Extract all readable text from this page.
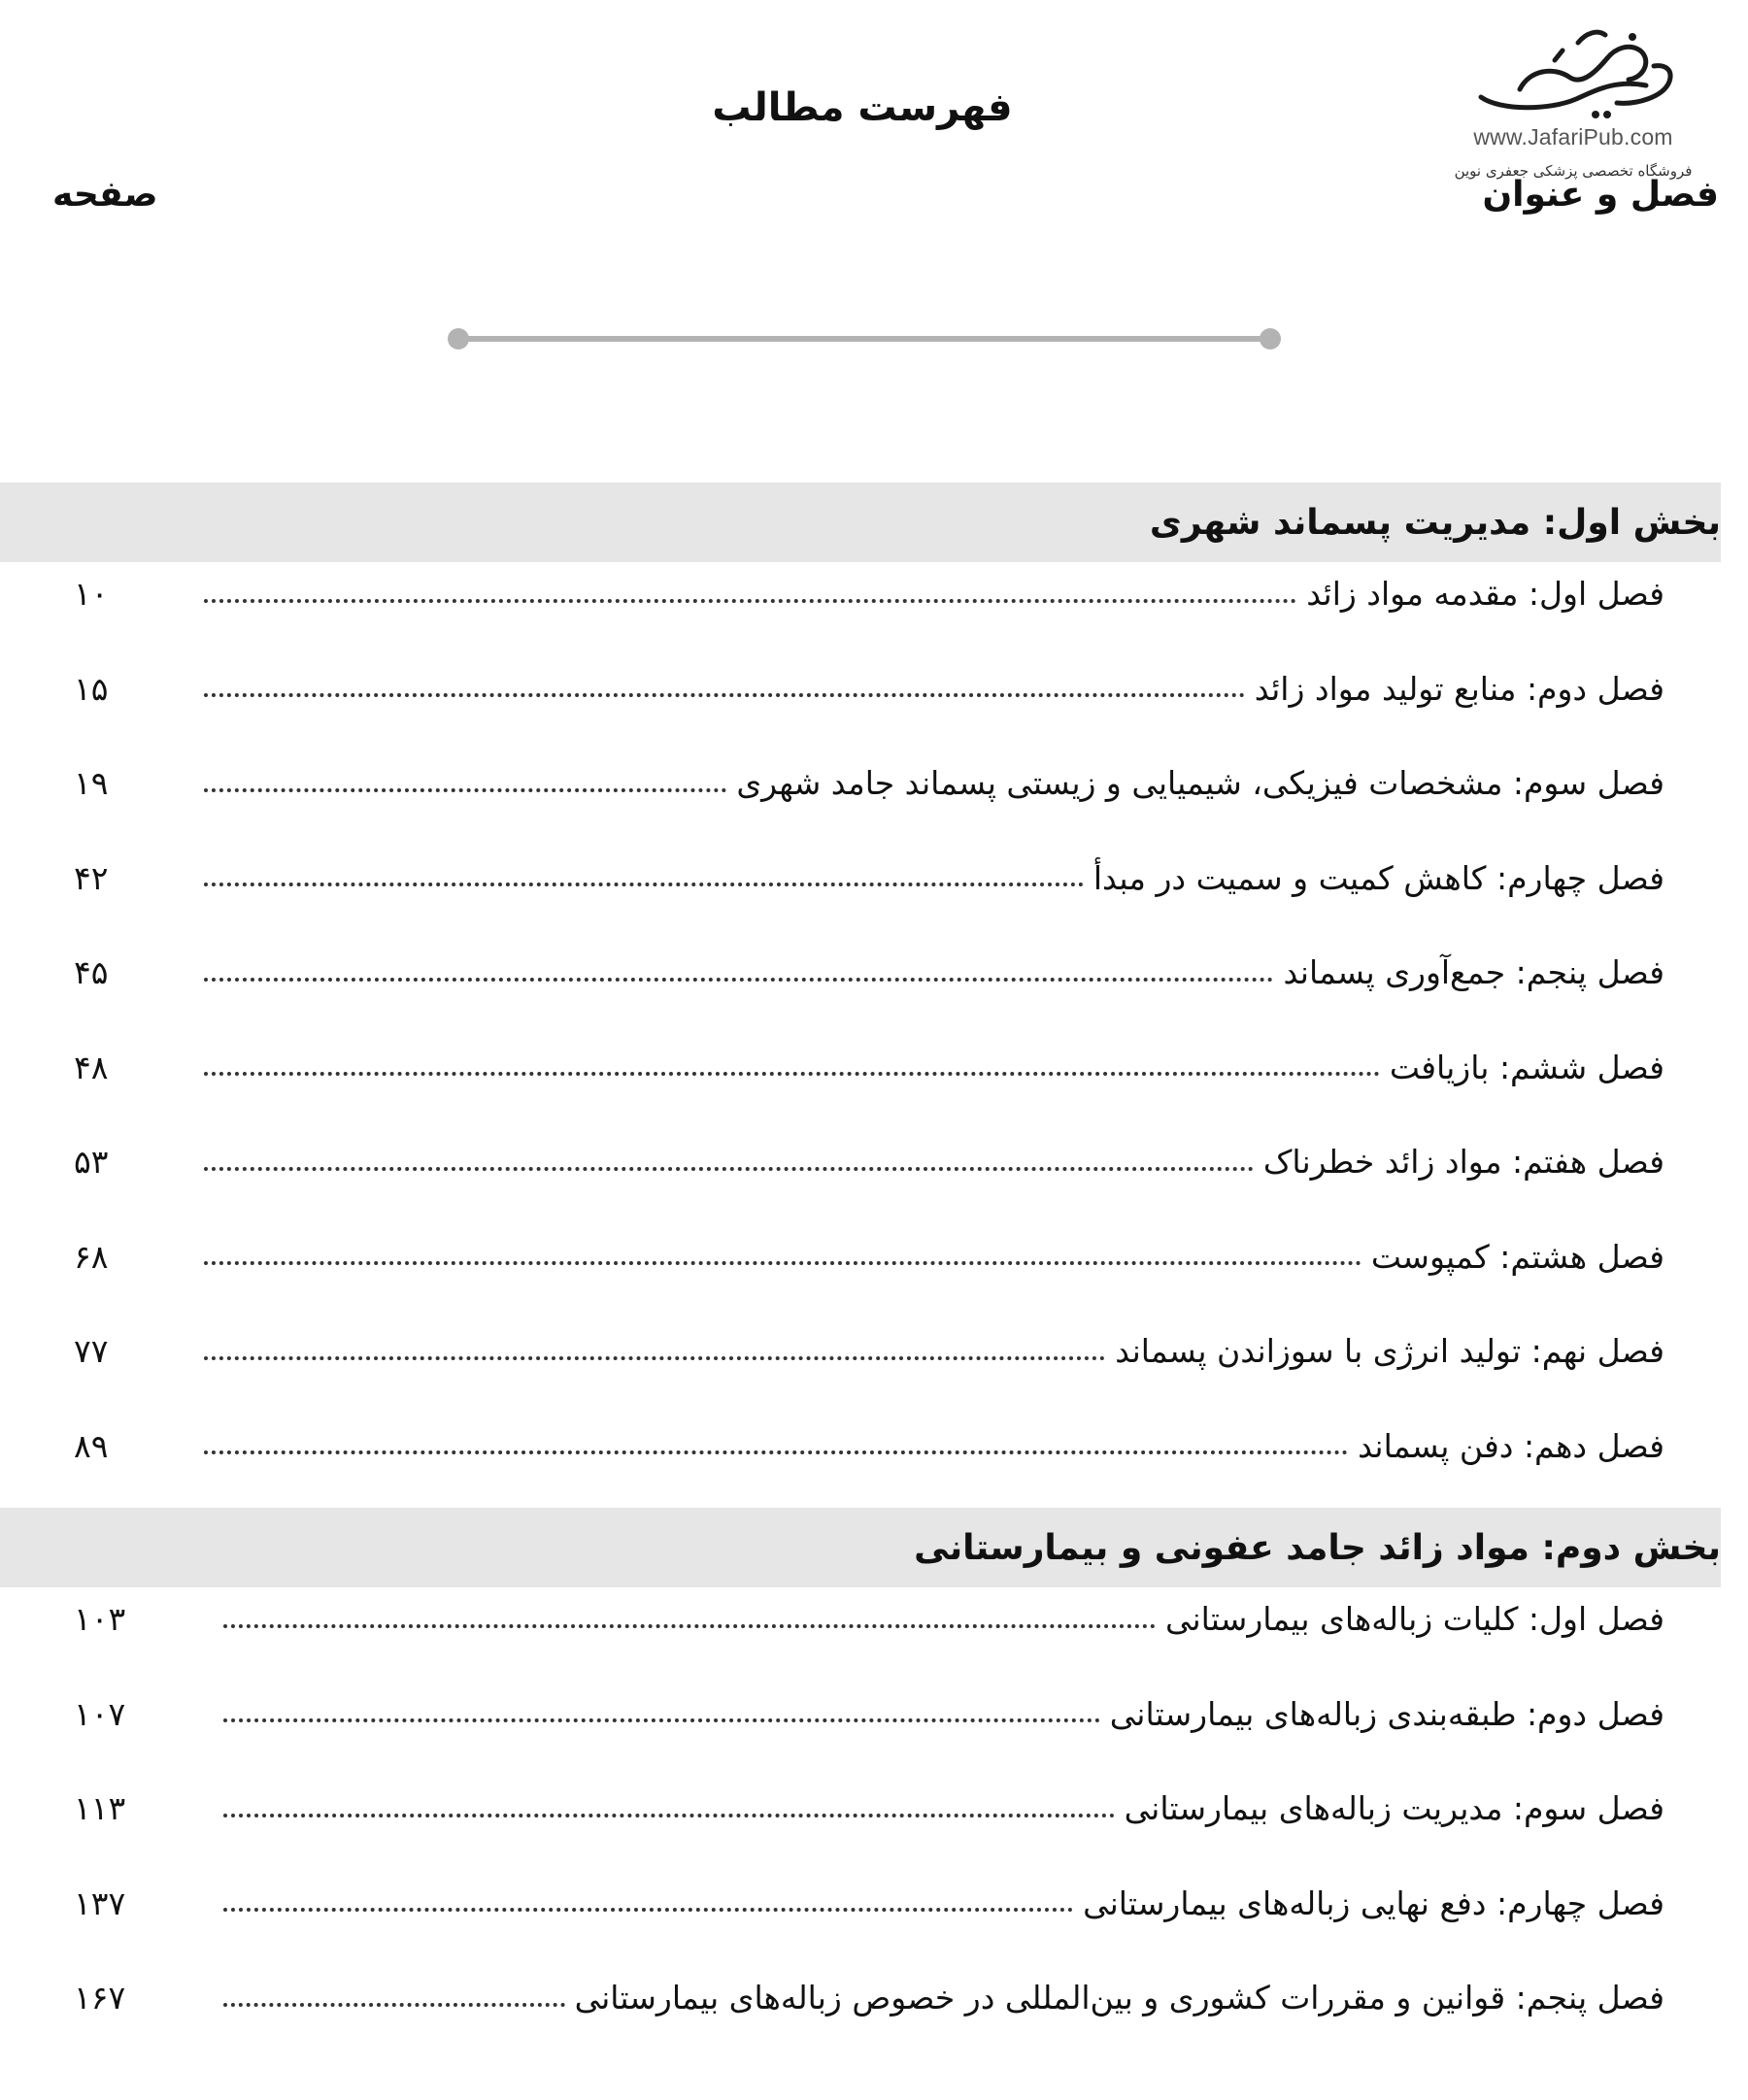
www.JafariPub.com
فروشگاه تخصصی پزشکی جعفری نوین
فهرست مطالب
فصل و عنوان
صفحه
بخش اول: مدیریت پسماند شهری
۱۰	فصل اول: مقدمه مواد زائد
۱۵	فصل دوم: منابع تولید مواد زائد
۱۹	فصل سوم: مشخصات فیزیکی، شیمیایی و زیستی پسماند جامد شهری
۴۲	فصل چهارم: کاهش کمیت و سمیت در مبدأ
۴۵	فصل پنجم: جمع‌آوری پسماند
۴۸	فصل ششم: بازیافت
۵۳	فصل هفتم: مواد زائد خطرناک
۶۸	فصل هشتم: کمپوست
۷۷	فصل نهم: تولید انرژی با سوزاندن پسماند
۸۹	فصل دهم: دفن پسماند
بخش دوم: مواد زائد جامد عفونی و بیمارستانی
۱۰۳	فصل اول: کلیات زباله‌های بیمارستانی
۱۰۷	فصل دوم: طبقه‌بندی زباله‌های بیمارستانی
۱۱۳	فصل سوم: مدیریت زباله‌های بیمارستانی
۱۳۷	فصل چهارم: دفع نهایی زباله‌های بیمارستانی
۱۶۷	فصل پنجم: قوانین و مقررات کشوری و بین‌المللی در خصوص زباله‌های بیمارستانی
